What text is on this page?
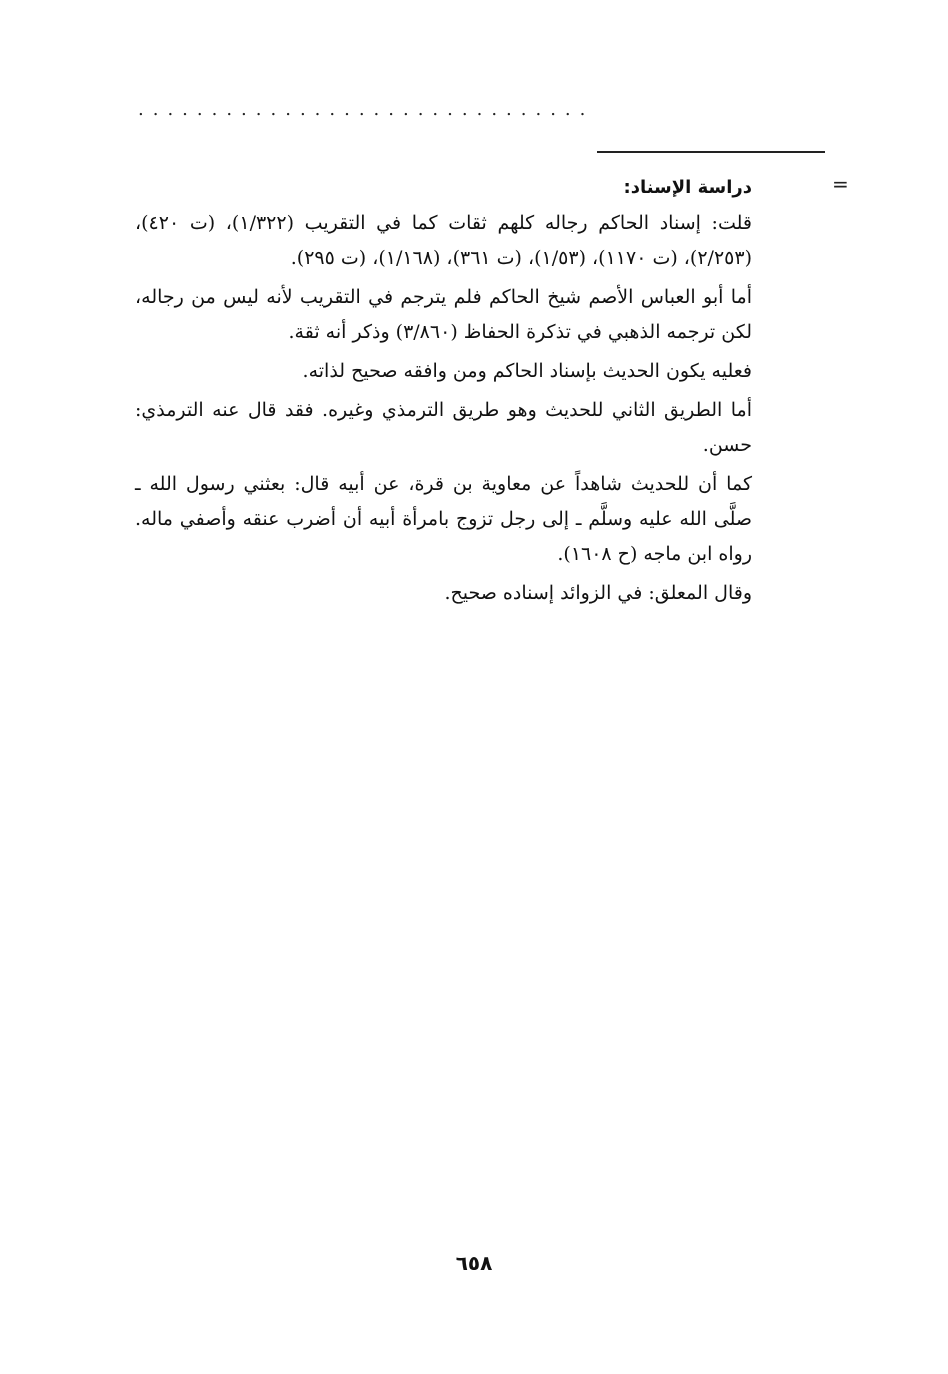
...............................
=

دراسة الإسناد:

قلت: إسناد الحاكم رجاله كلهم ثقات كما في التقريب (١/٣٢٢)، (ت ٤٢٠)، (٢/٢٥٣)، (ت ١١٧٠)، (١/٥٣)، (ت ٣٦١)، (١/١٦٨)، (ت ٢٩٥).

أما أبو العباس الأصم شيخ الحاكم فلم يترجم في التقريب لأنه ليس من رجاله، لكن ترجمه الذهبي في تذكرة الحفاظ (٣/٨٦٠) وذكر أنه ثقة.

فعليه يكون الحديث بإسناد الحاكم ومن وافقه صحيح لذاته.

أما الطريق الثاني للحديث وهو طريق الترمذي وغيره. فقد قال عنه الترمذي: حسن.

كما أن للحديث شاهداً عن معاوية بن قرة، عن أبيه قال: بعثني رسول الله ـ صلَّى الله عليه وسلَّم ـ إلى رجل تزوج بامرأة أبيه أن أضرب عنقه وأصفي ماله. رواه ابن ماجه (ح ١٦٠٨).

وقال المعلق: في الزوائد إسناده صحيح.

٦٥٨
